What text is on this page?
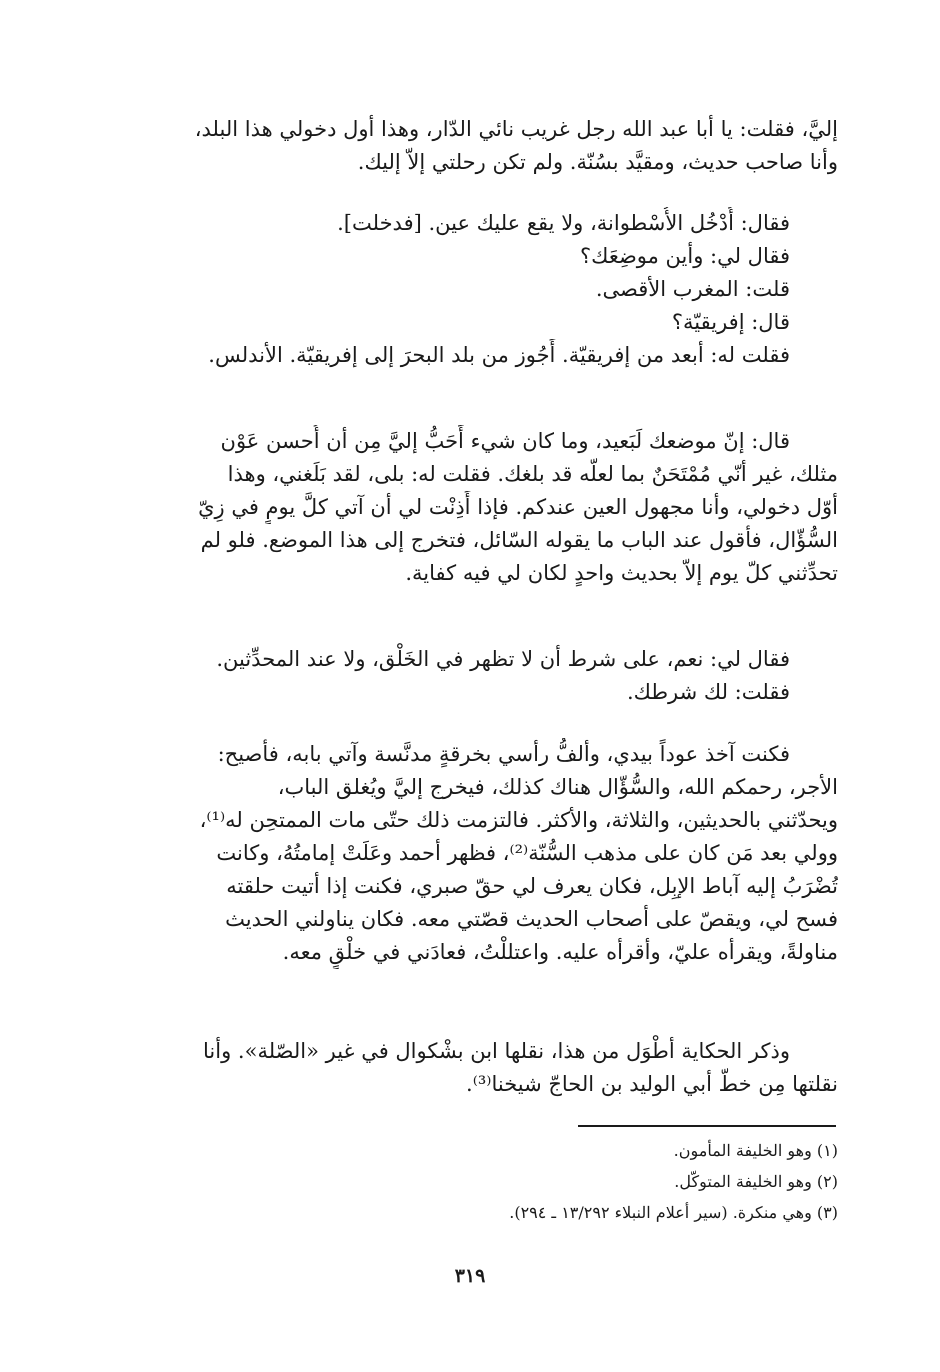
إليَّ، فقلت: يا أبا عبد الله رجل غريب نائي الدّار، وهذا أول دخولي هذا البلد،
وأنا صاحب حديث، ومقيَّد بسُنّة. ولم تكن رحلتي إلاّ إليك.

فقال: أُدْخُل الأُسْطوانة، ولا يقع عليك عين. [فدخلت].
فقال لي: وأين موضِعَك؟
قلت: المغرب الأقصى.
قال: إفريقيّة؟
فقلت له: أبعد من إفريقيّة. أَجُوز من بلد البحرَ إلى إفريقيّة. الأندلس.

قال: إنّ موضعك لَبَعيد، وما كان شيء أَحَبُّ إليَّ مِن أن أُحسن عَوْن
مثلك، غير أنّي مُمْتَحَنٌ بما لعلّه قد بلغك. فقلت له: بلى، لقد بَلَغني، وهذا
أوّل دخولي، وأنا مجهول العين عندكم. فإذا أَذِنْت لي أن آتي كلَّ يومٍ في زِيّ
السُّؤّال، فأقول عند الباب ما يقوله السّائل، فتخرج إلى هذا الموضع. فلو لم
تحدِّثني كلّ يوم إلاّ بحديث واحدٍ لكان لي فيه كفاية.

فقال لي: نعم، على شرط أن لا تظهر في الخَلْق، ولا عند المحدِّثين.
فقلت: لك شرطك.

فكنت آخذ عوداً بيدي، وألفُّ رأسي بخرقةٍ مدنَّسة وآتي بابه، فأصيح:
الأجر، رحمكم الله، والسُّؤّال هناك كذلك، فيخرج إليَّ ويُغلق الباب،
ويحدّثني بالحديثين، والثلاثة، والأكثر. فالتزمت ذلك حتّى مات الممتحِن له⁽¹⁾،
وولي بعد مَن كان على مذهب السُّنّة⁽²⁾، فظهر أحمد وعَلَتْ إمامتُهُ، وكانت
تُضْرَبُ إليه آباط الإبِل، فكان يعرف لي حقّ صبري، فكنت إذا أتيت حلقته
فسح لي، ويقصّ على أصحاب الحديث قصّتي معه. فكان يناولني الحديث
مناولةً، ويقرأه عليّ، وأقرأه عليه. واعتللْتُ، فعادَني في خلْقٍ معه.

وذكر الحكاية أطْوَل من هذا، نقلها ابن بشْكوال في غير «الصّلة». وأنا
نقلتها مِن خطّ أبي الوليد بن الحاجّ شيخنا⁽³⁾.

(١) وهو الخليفة المأمون.
(٢) وهو الخليفة المتوكّل.
(٣) وهي منكرة. (سير أعلام النبلاء ١٣/٢٩٢ ـ ٢٩٤).
٣١٩
